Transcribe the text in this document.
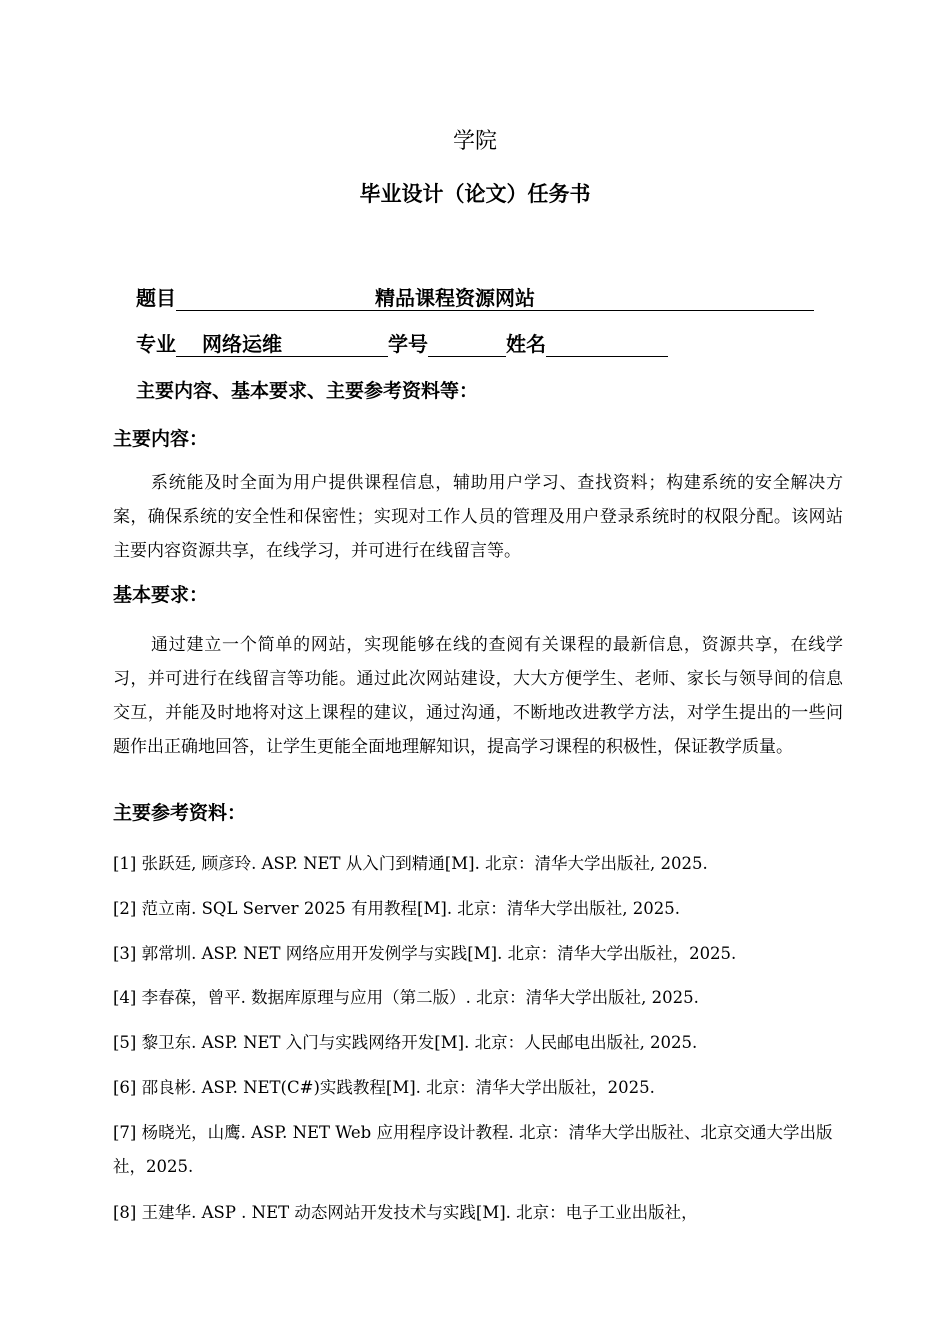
学院
毕业设计（论文）任务书
题目	精品课程资源网站
专业	网络运维	学号	姓名
主要内容、基本要求、主要参考资料等：
主要内容：
系统能及时全面为用户提供课程信息，辅助用户学习、查找资料；构建系统的安全解决方案，确保系统的安全性和保密性；实现对工作人员的管理及用户登录系统时的权限分配。该网站主要内容资源共享，在线学习，并可进行在线留言等。
基本要求：
通过建立一个简单的网站，实现能够在线的查阅有关课程的最新信息，资源共享，在线学习，并可进行在线留言等功能。通过此次网站建设，大大方便学生、老师、家长与领导间的信息交互，并能及时地将对这上课程的建议，通过沟通，不断地改进教学方法，对学生提出的一些问题作出正确地回答，让学生更能全面地理解知识，提高学习课程的积极性，保证教学质量。
主要参考资料：
[1] 张跃廷, 顾彦玲. ASP. NET 从入门到精通[M]. 北京：清华大学出版社, 2025.
[2] 范立南. SQL Server 2025 有用教程[M]. 北京：清华大学出版社, 2025.
[3] 郭常圳. ASP. NET 网络应用开发例学与实践[M]. 北京：清华大学出版社，2025.
[4] 李春葆，曾平. 数据库原理与应用（第二版）. 北京：清华大学出版社, 2025.
[5] 黎卫东. ASP. NET 入门与实践网络开发[M]. 北京：人民邮电出版社, 2025.
[6] 邵良彬. ASP. NET(C#)实践教程[M]. 北京：清华大学出版社，2025.
[7] 杨晓光，山鹰. ASP. NET Web 应用程序设计教程. 北京：清华大学出版社、北京交通大学出版社，2025.
[8] 王建华. ASP . NET 动态网站开发技术与实践[M]. 北京：电子工业出版社，
